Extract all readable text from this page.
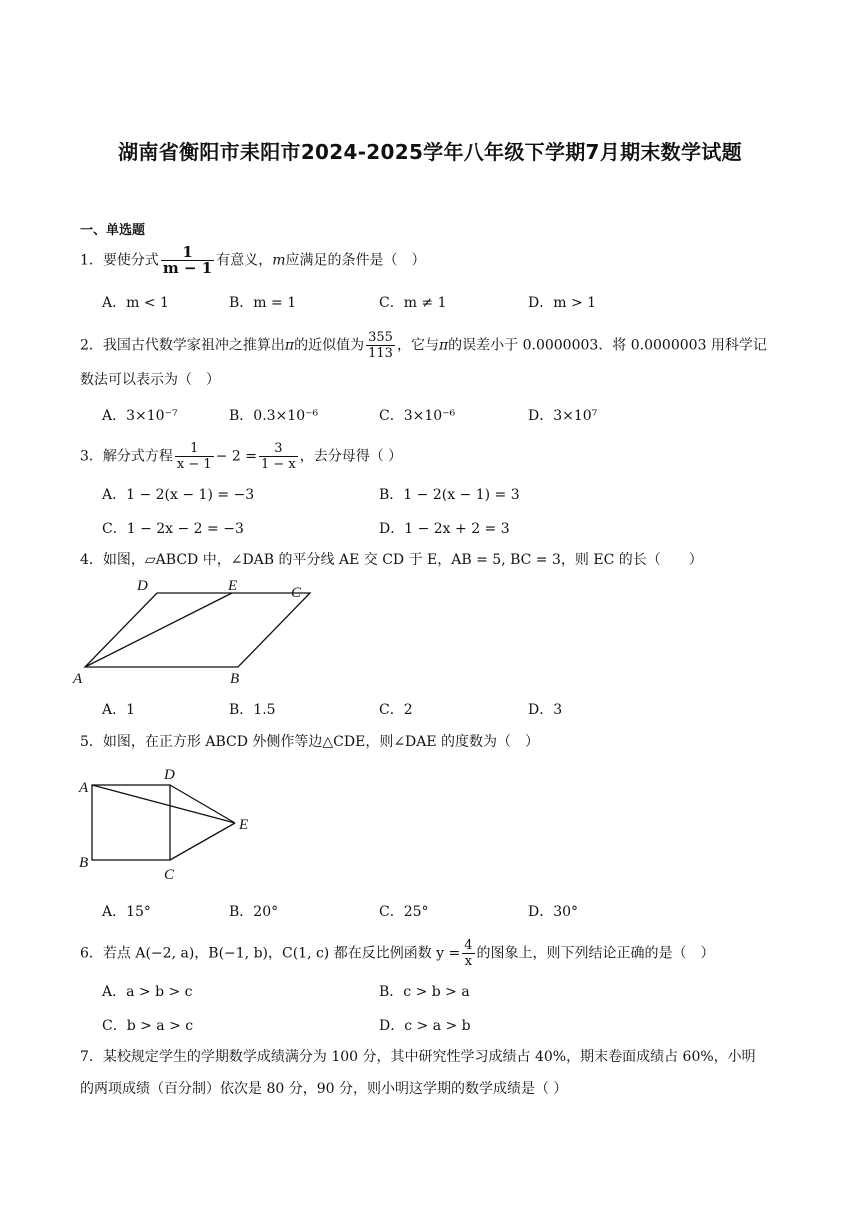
湖南省衡阳市耒阳市2024-2025学年八年级下学期7月期末数学试题
一、单选题
1．要使分式 $\frac{1}{m - 1}$ 有意义，m应满足的条件是（　）
A．m < 1	B．m = 1	C．m ≠ 1	D．m > 1
2．我国古代数学家祖冲之推算出π的近似值为 $\frac{355}{113}$ ，它与π的误差小于 0.0000003．将 0.0000003 用科学记
数法可以表示为（　）
A．3×10⁻⁷	B．0.3×10⁻⁶	C．3×10⁻⁶	D．3×10⁷
3．解分式方程 $\frac{1}{x - 1} - 2 = \frac{3}{1 - x}$ ，去分母得（ ）
A．1 − 2(x − 1) = −3	B．1 − 2(x − 1) = 3
C．1 − 2x − 2 = −3	D．1 − 2x + 2 = 3
4．如图，▱ABCD 中，∠DAB 的平分线 AE 交 CD 于 E，AB = 5, BC = 3，则 EC 的长（　　）
A	B
C
D	E
A．1	B．1.5	C．2	D．3
5．如图，在正方形 ABCD 外侧作等边△CDE，则∠DAE 的度数为（　）
A
B
C
D
E
A．15°	B．20°	C．25°	D．30°
6．若点 A(−2, a)，B(−1, b)，C(1, c) 都在反比例函数 $y = \frac{4}{x}$ 的图象上，则下列结论正确的是（　）
A．a > b > c	B．c > b > a
C．b > a > c	D．c > a > b
7．某校规定学生的学期数学成绩满分为 100 分，其中研究性学习成绩占 40%，期末卷面成绩占 60%，小明
的两项成绩（百分制）依次是 80 分，90 分，则小明这学期的数学成绩是（ ）
